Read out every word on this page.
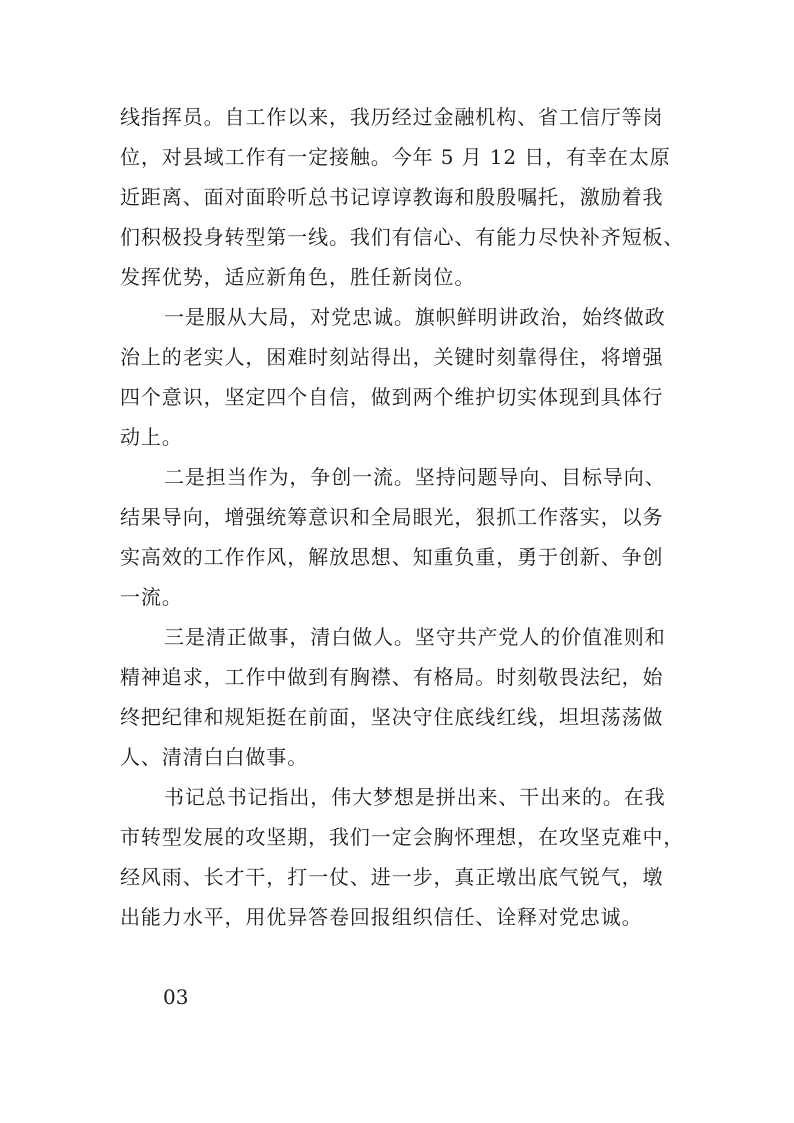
线指挥员。自工作以来，我历经过金融机构、省工信厅等岗
位，对县域工作有一定接触。今年 5 月 12 日，有幸在太原
近距离、面对面聆听总书记谆谆教诲和殷殷嘱托，激励着我
们积极投身转型第一线。我们有信心、有能力尽快补齐短板、
发挥优势，适应新角色，胜任新岗位。
一是服从大局，对党忠诚。旗帜鲜明讲政治，始终做政
治上的老实人，困难时刻站得出，关键时刻靠得住，将增强
四个意识，坚定四个自信，做到两个维护切实体现到具体行
动上。
二是担当作为，争创一流。坚持问题导向、目标导向、
结果导向，增强统筹意识和全局眼光，狠抓工作落实，以务
实高效的工作作风，解放思想、知重负重，勇于创新、争创
一流。
三是清正做事，清白做人。坚守共产党人的价值准则和
精神追求，工作中做到有胸襟、有格局。时刻敬畏法纪，始
终把纪律和规矩挺在前面，坚决守住底线红线，坦坦荡荡做
人、清清白白做事。
书记总书记指出，伟大梦想是拼出来、干出来的。在我
市转型发展的攻坚期，我们一定会胸怀理想，在攻坚克难中，
经风雨、长才干，打一仗、进一步，真正墩出底气锐气，墩
出能力水平，用优异答卷回报组织信任、诠释对党忠诚。
03
